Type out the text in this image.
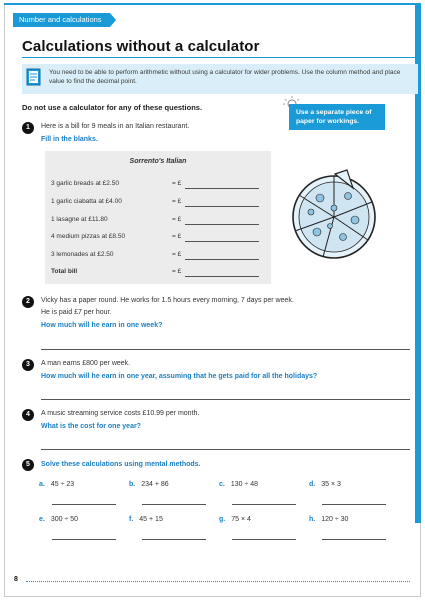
Number and calculations
Calculations without a calculator
You need to be able to perform arithmetic without using a calculator for wider problems. Use the column method and place value to find the decimal point.
Do not use a calculator for any of these questions.
Use a separate piece of paper for workings.
1	Here is a bill for 9 meals in an Italian restaurant.
Fill in the blanks.
Sorrento's Italian
3 garlic breads at £2.50	= £
1 garlic ciabatta at £4.00	= £
1 lasagne at £11.80	= £
4 medium pizzas at £8.50	= £
3 lemonades at £2.50	= £
Total bill	= £
2	Vicky has a paper round. He works for 1.5 hours every morning, 7 days per week.
He is paid £7 per hour.
How much will he earn in one week?
3	A man earns £800 per week.
How much will he earn in one year, assuming that he gets paid for all the holidays?
4	A music streaming service costs £10.99 per month.
What is the cost for one year?
5	Solve these calculations using mental methods.
a. 45 ÷ 23	b. 234 + 86	c. 130 ÷ 48	d. 35 × 3
e. 300 ÷ 50	f. 45 + 15	g. 75 × 4	h. 120 ÷ 30
8
